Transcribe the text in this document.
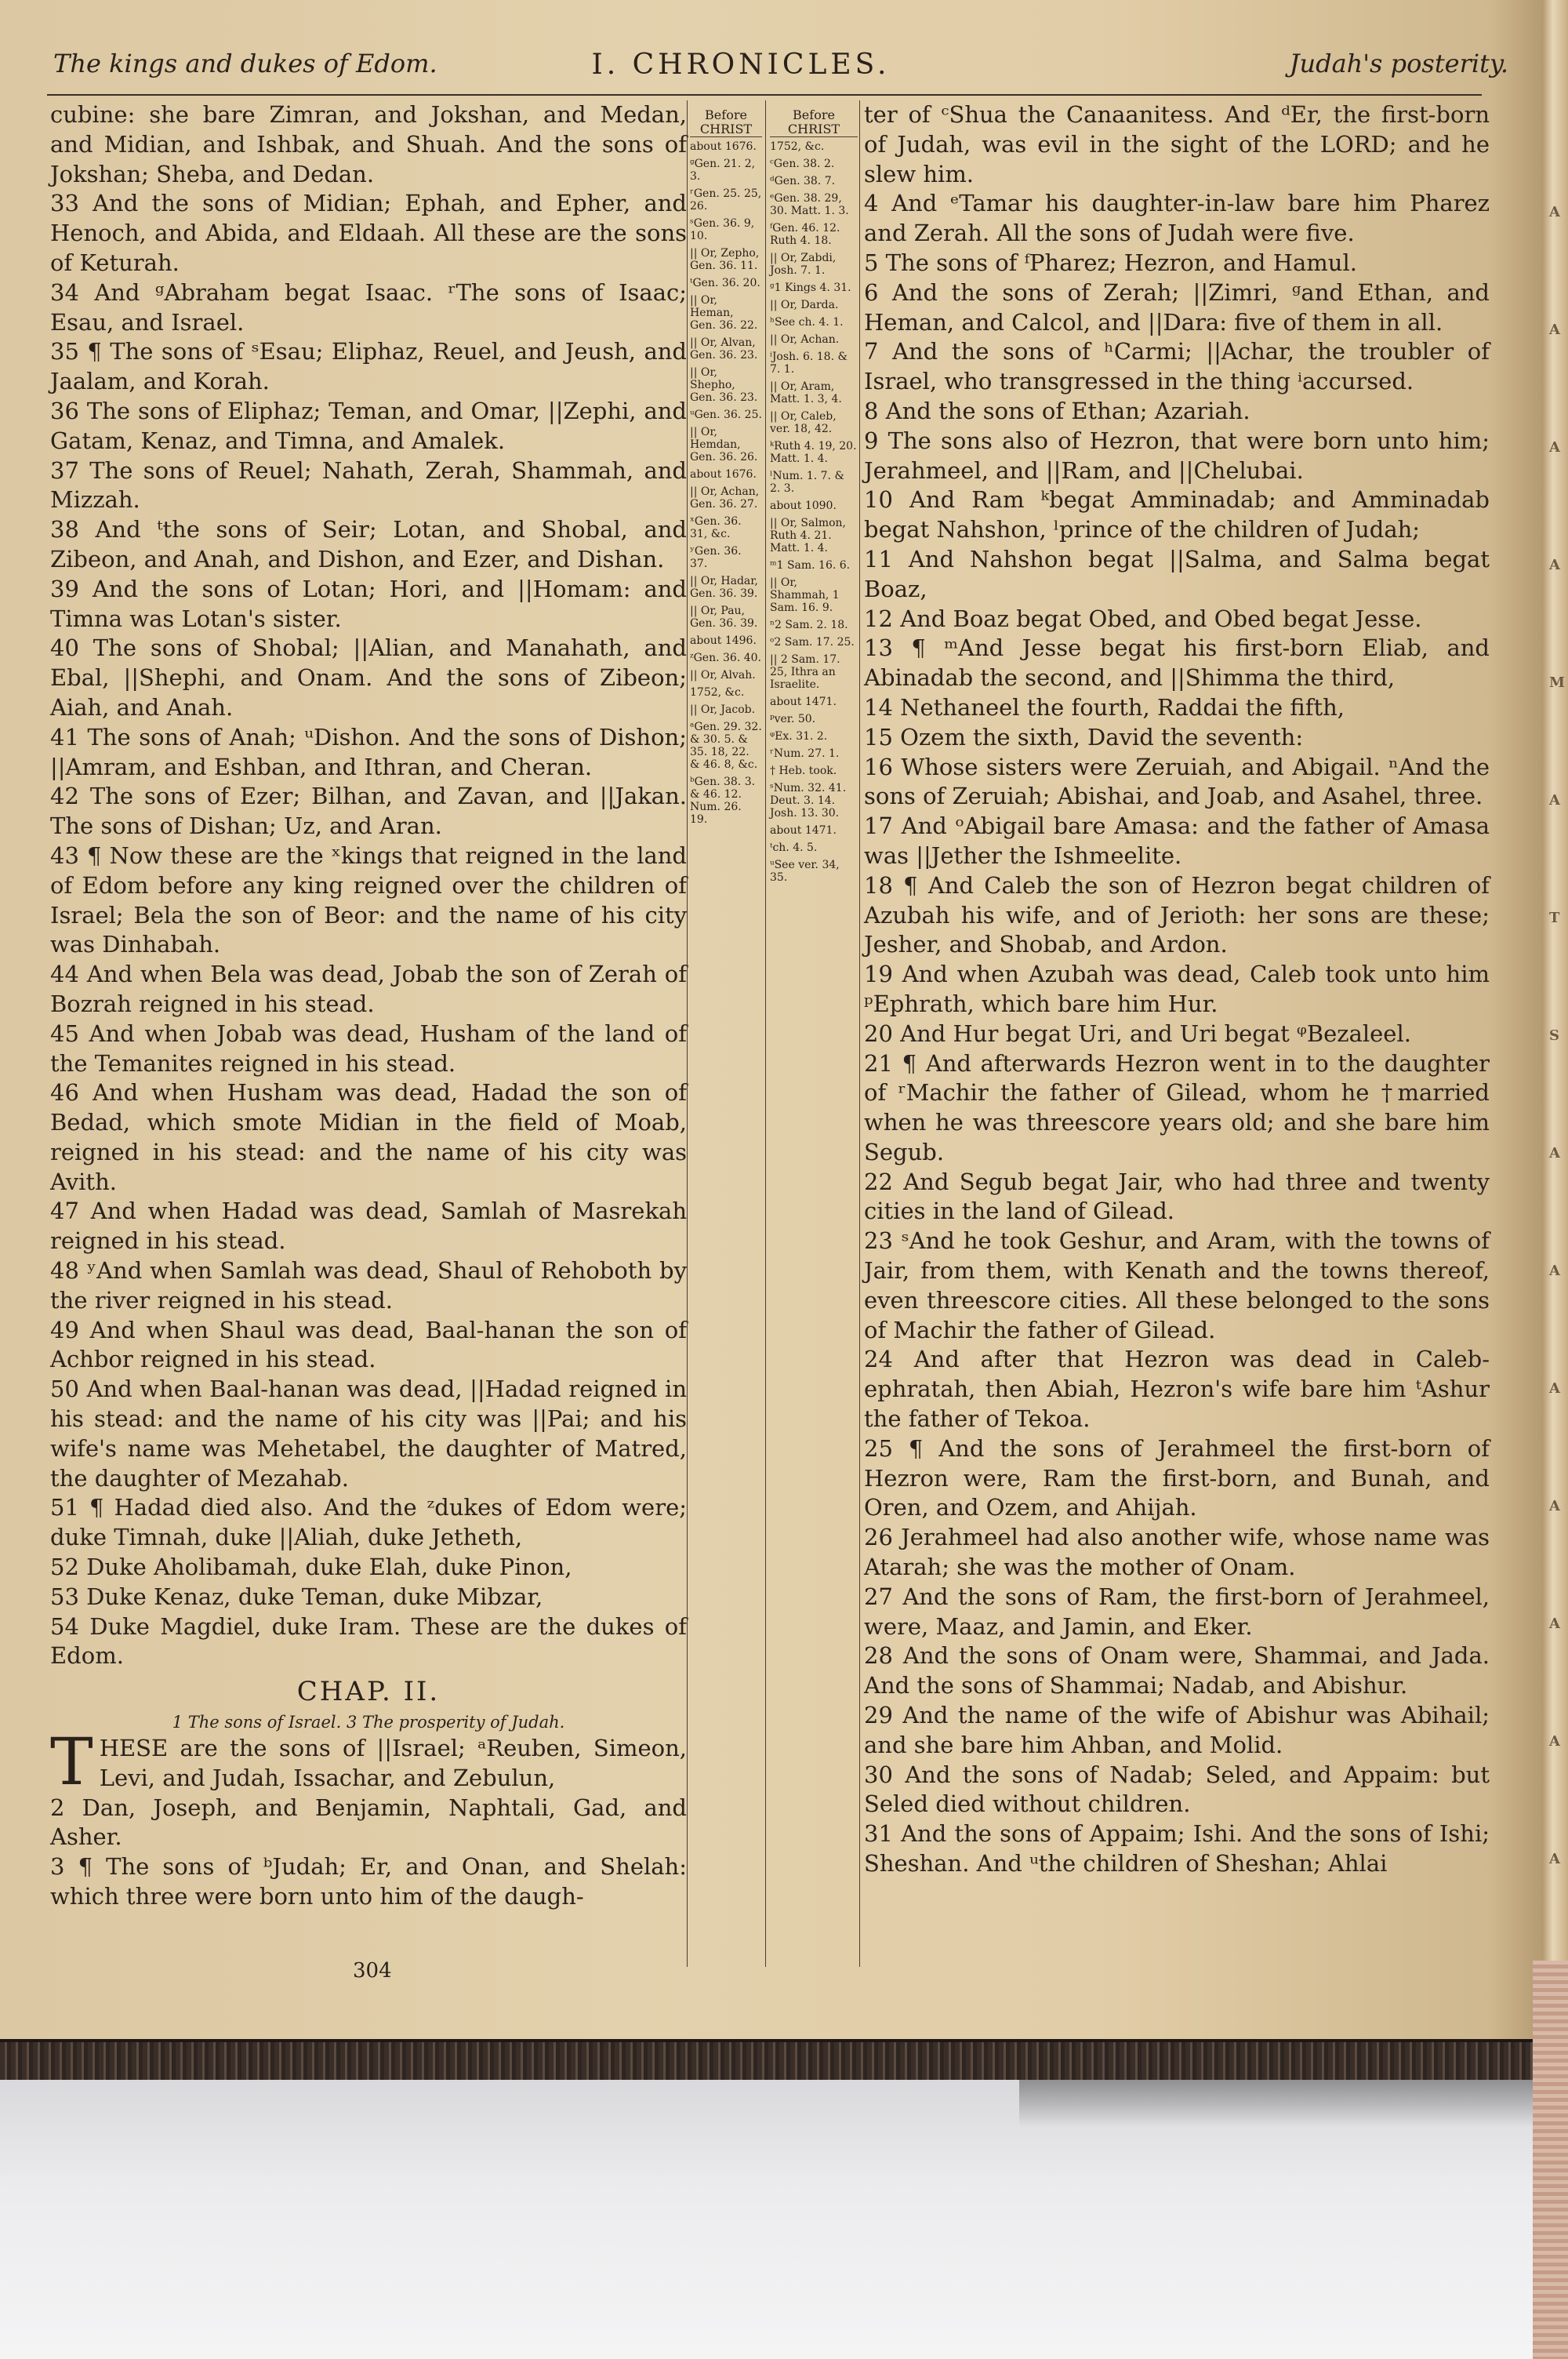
The kings and dukes of Edom.	I. CHRONICLES.	Judah's posterity.

cubine: she bare Zimran, and Jokshan, and Medan, and Midian, and Ishbak, and Shuah. And the sons of Jokshan; Sheba, and Dedan.

33 And the sons of Midian; Ephah, and Epher, and Henoch, and Abida, and Eldaah. All these are the sons of Keturah.

34 And ᵍAbraham begat Isaac. ʳThe sons of Isaac; Esau, and Israel.

35 ¶ The sons of ˢEsau; Eliphaz, Reuel, and Jeush, and Jaalam, and Korah.

36 The sons of Eliphaz; Teman, and Omar, ||Zephi, and Gatam, Kenaz, and Timna, and Amalek.

37 The sons of Reuel; Nahath, Zerah, Shammah, and Mizzah.

38 And ᵗthe sons of Seir; Lotan, and Shobal, and Zibeon, and Anah, and Dishon, and Ezer, and Dishan.

39 And the sons of Lotan; Hori, and ||Homam: and Timna was Lotan's sister.

40 The sons of Shobal; ||Alian, and Manahath, and Ebal, ||Shephi, and Onam. And the sons of Zibeon; Aiah, and Anah.

41 The sons of Anah; ᵘDishon. And the sons of Dishon; ||Amram, and Eshban, and Ithran, and Cheran.

42 The sons of Ezer; Bilhan, and Zavan, and ||Jakan. The sons of Dishan; Uz, and Aran.

43 ¶ Now these are the ˣkings that reigned in the land of Edom before any king reigned over the children of Israel; Bela the son of Beor: and the name of his city was Dinhabah.

44 And when Bela was dead, Jobab the son of Zerah of Bozrah reigned in his stead.

45 And when Jobab was dead, Husham of the land of the Temanites reigned in his stead.

46 And when Husham was dead, Hadad the son of Bedad, which smote Midian in the field of Moab, reigned in his stead: and the name of his city was Avith.

47 And when Hadad was dead, Samlah of Masrekah reigned in his stead.

48 ʸAnd when Samlah was dead, Shaul of Rehoboth by the river reigned in his stead.

49 And when Shaul was dead, Baal-hanan the son of Achbor reigned in his stead.

50 And when Baal-hanan was dead, ||Hadad reigned in his stead: and the name of his city was ||Pai; and his wife's name was Mehetabel, the daughter of Matred, the daughter of Mezahab.

51 ¶ Hadad died also. And the ᶻdukes of Edom were; duke Timnah, duke ||Aliah, duke Jetheth,

52 Duke Aholibamah, duke Elah, duke Pinon,

53 Duke Kenaz, duke Teman, duke Mibzar,

54 Duke Magdiel, duke Iram. These are the dukes of Edom.

CHAP. II.
1 The sons of Israel. 3 The prosperity of Judah.

THESE are the sons of ||Israel; ᵃReuben, Simeon, Levi, and Judah, Issachar, and Zebulun,

2 Dan, Joseph, and Benjamin, Naphtali, Gad, and Asher.

3 ¶ The sons of ᵇJudah; Er, and Onan, and Shelah: which three were born unto him of the daugh-

Before CHRIST
about 1676.
ᵍGen. 21. 2, 3.
ʳGen. 25. 25, 26.
ˢGen. 36. 9, 10.
|| Or, Zepho, Gen. 36. 11.
ᵗGen. 36. 20.
|| Or, Heman, Gen. 36. 22.
|| Or, Alvan, Gen. 36. 23.
|| Or, Shepho, Gen. 36. 23.
ᵘGen. 36. 25.
|| Or, Hemdan, Gen. 36. 26.
about 1676.
|| Or, Achan, Gen. 36. 27.
ˣGen. 36. 31, &c.
ʸGen. 36. 37.
|| Or, Hadar, Gen. 36. 39.
|| Or, Pau, Gen. 36. 39.
about 1496.
ᶻGen. 36. 40.
|| Or, Alvah.
1752, &c.
|| Or, Jacob.
ᵃGen. 29. 32. & 30. 5. & 35. 18, 22. & 46. 8, &c.
ᵇGen. 38. 3. & 46. 12. Num. 26. 19.
Before CHRIST
1752, &c.
ᶜGen. 38. 2.
ᵈGen. 38. 7.
ᵉGen. 38. 29, 30. Matt. 1. 3.
ᶠGen. 46. 12. Ruth 4. 18.
|| Or, Zabdi, Josh. 7. 1.
ᵍ1 Kings 4. 31.
|| Or, Darda.
ʰSee ch. 4. 1.
|| Or, Achan.
ⁱJosh. 6. 18. & 7. 1.
|| Or, Aram, Matt. 1. 3, 4.
|| Or, Caleb, ver. 18, 42.
ᵏRuth 4. 19, 20. Matt. 1. 4.
ˡNum. 1. 7. & 2. 3.
about 1090.
|| Or, Salmon, Ruth 4. 21. Matt. 1. 4.
ᵐ1 Sam. 16. 6.
|| Or, Shammah, 1 Sam. 16. 9.
ⁿ2 Sam. 2. 18.
ᵒ2 Sam. 17. 25.
|| 2 Sam. 17. 25, Ithra an Israelite.
about 1471.
ᵖver. 50.
ᵠEx. 31. 2.
ʳNum. 27. 1.
† Heb. took.
ˢNum. 32. 41. Deut. 3. 14. Josh. 13. 30.
about 1471.
ᵗch. 4. 5.
ᵘSee ver. 34, 35.

ter of ᶜShua the Canaanitess. And ᵈEr, the first-born of Judah, was evil in the sight of the LORD; and he slew him.

4 And ᵉTamar his daughter-in-law bare him Pharez and Zerah. All the sons of Judah were five.

5 The sons of ᶠPharez; Hezron, and Hamul.

6 And the sons of Zerah; ||Zimri, ᵍand Ethan, and Heman, and Calcol, and ||Dara: five of them in all.

7 And the sons of ʰCarmi; ||Achar, the troubler of Israel, who transgressed in the thing ⁱaccursed.

8 And the sons of Ethan; Azariah.

9 The sons also of Hezron, that were born unto him; Jerahmeel, and ||Ram, and ||Chelubai.

10 And Ram ᵏbegat Amminadab; and Amminadab begat Nahshon, ˡprince of the children of Judah;

11 And Nahshon begat ||Salma, and Salma begat Boaz,

12 And Boaz begat Obed, and Obed begat Jesse.

13 ¶ ᵐAnd Jesse begat his first-born Eliab, and Abinadab the second, and ||Shimma the third,

14 Nethaneel the fourth, Raddai the fifth,

15 Ozem the sixth, David the seventh:

16 Whose sisters were Zeruiah, and Abigail. ⁿAnd the sons of Zeruiah; Abishai, and Joab, and Asahel, three.

17 And ᵒAbigail bare Amasa: and the father of Amasa was ||Jether the Ishmeelite.

18 ¶ And Caleb the son of Hezron begat children of Azubah his wife, and of Jerioth: her sons are these; Jesher, and Shobab, and Ardon.

19 And when Azubah was dead, Caleb took unto him ᵖEphrath, which bare him Hur.

20 And Hur begat Uri, and Uri begat ᵠBezaleel.

21 ¶ And afterwards Hezron went in to the daughter of ʳMachir the father of Gilead, whom he †married when he was threescore years old; and she bare him Segub.

22 And Segub begat Jair, who had three and twenty cities in the land of Gilead.

23 ˢAnd he took Geshur, and Aram, with the towns of Jair, from them, with Kenath and the towns thereof, even threescore cities. All these belonged to the sons of Machir the father of Gilead.

24 And after that Hezron was dead in Caleb-ephratah, then Abiah, Hezron's wife bare him ᵗAshur the father of Tekoa.

25 ¶ And the sons of Jerahmeel the first-born of Hezron were, Ram the first-born, and Bunah, and Oren, and Ozem, and Ahijah.

26 Jerahmeel had also another wife, whose name was Atarah; she was the mother of Onam.

27 And the sons of Ram, the first-born of Jerahmeel, were, Maaz, and Jamin, and Eker.

28 And the sons of Onam were, Shammai, and Jada. And the sons of Shammai; Nadab, and Abishur.

29 And the name of the wife of Abishur was Abihail; and she bare him Ahban, and Molid.

30 And the sons of Nadab; Seled, and Appaim: but Seled died without children.

31 And the sons of Appaim; Ishi. And the sons of Ishi; Sheshan. And ᵘthe children of Sheshan; Ahlai

304
A
A
A
A
M
A
T
S
A
A
A
A
A
A
A
